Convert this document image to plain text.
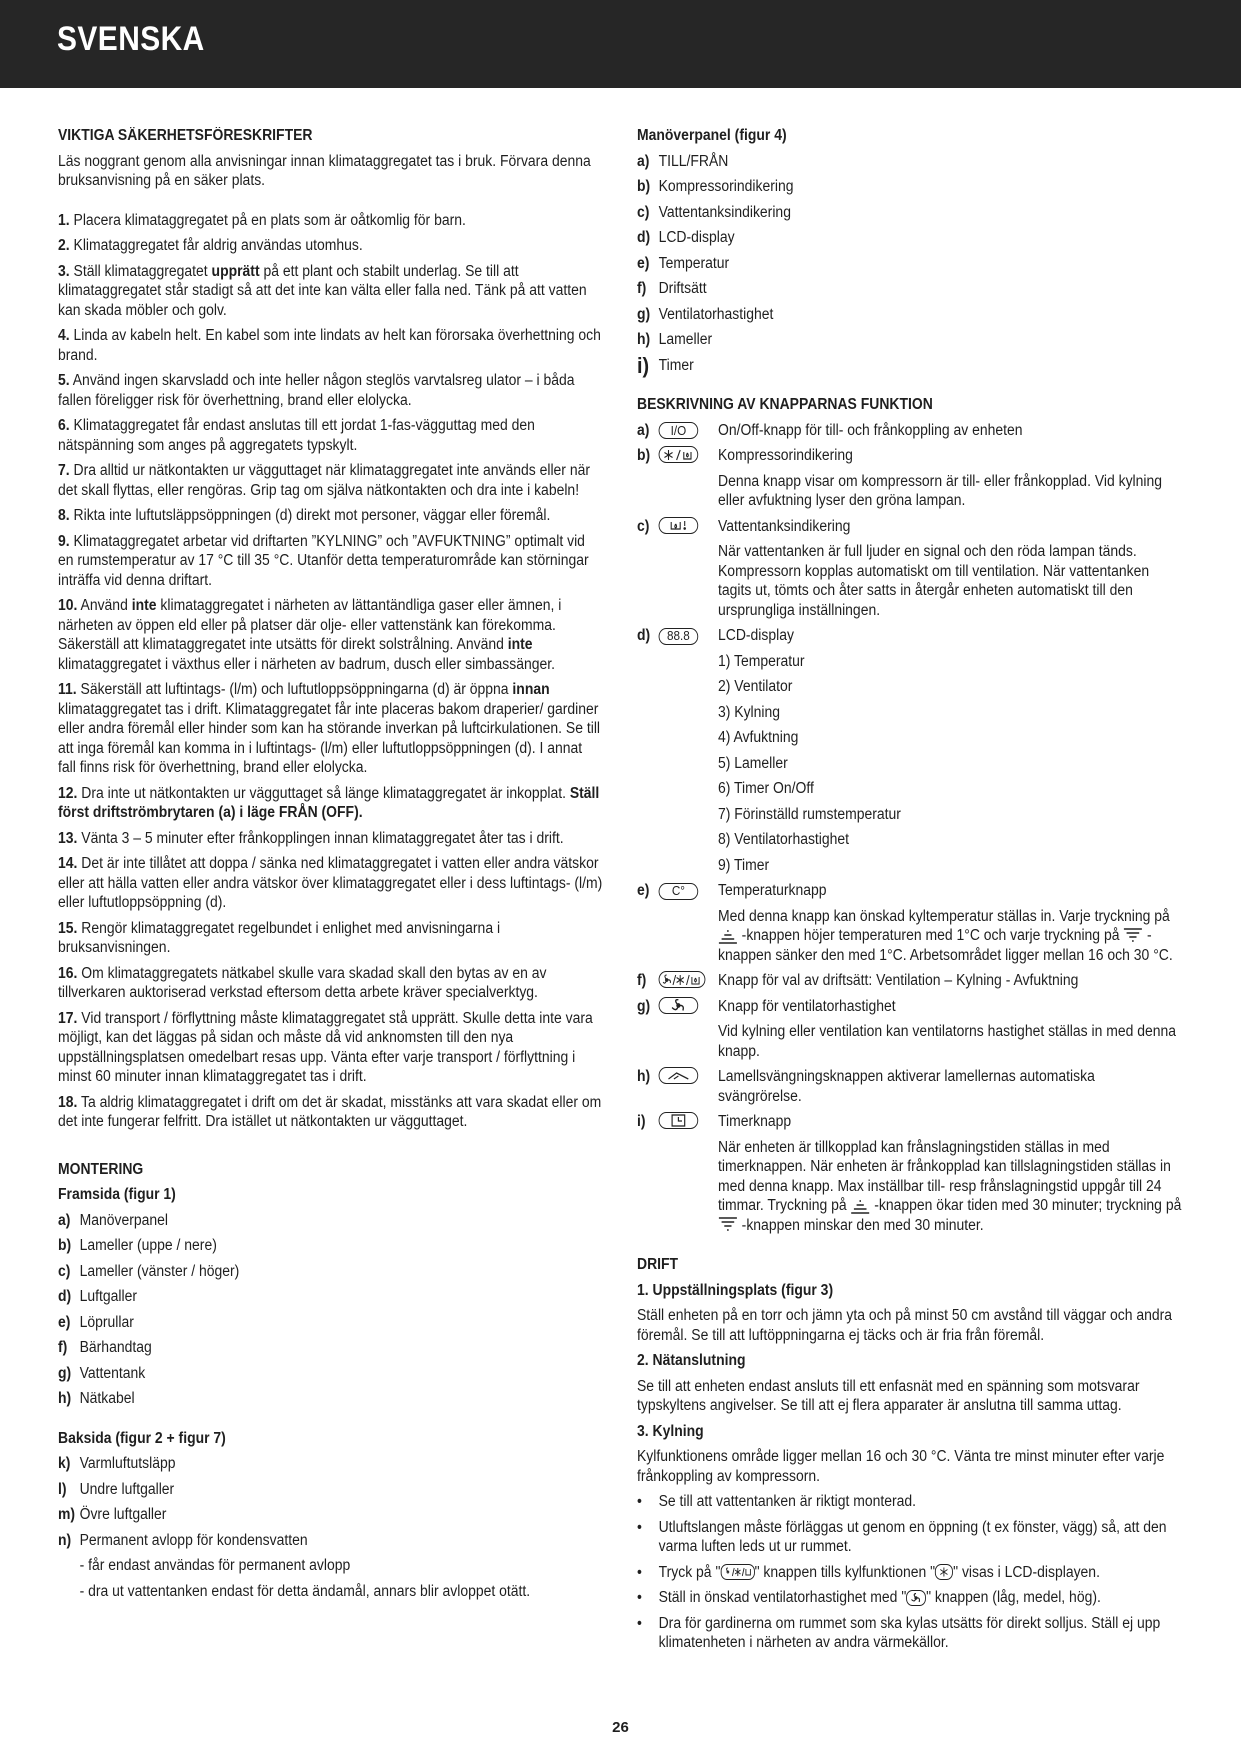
SVENSKA
VIKTIGA SÄKERHETSFÖRESKRIFTER

Läs noggrant genom alla anvisningar innan klimataggregatet tas i bruk. Förvara denna bruksanvisning på en säker plats.

1. Placera klimataggregatet på en plats som är oåtkomlig för barn.
2. Klimataggregatet får aldrig användas utomhus.
3. Ställ klimataggregatet upprätt på ett plant och stabilt underlag. Se till att klimataggregatet står stadigt så att det inte kan välta eller falla ned. Tänk på att vatten kan skada möbler och golv.
4. Linda av kabeln helt. En kabel som inte lindats av helt kan förorsaka överhettning och brand.
5. Använd ingen skarvsladd och inte heller någon steglös varvtalsreg ulator – i båda fallen föreligger risk för överhettning, brand eller elolycka.
6. Klimataggregatet får endast anslutas till ett jordat 1-fas-vägguttag med den nätspänning som anges på aggregatets typskylt.
7. Dra alltid ur nätkontakten ur vägguttaget när klimataggregatet inte används eller när det skall flyttas, eller rengöras. Grip tag om själva nätkontakten och dra inte i kabeln!
8. Rikta inte luftutsläppsöppningen (d) direkt mot personer, väggar eller föremål.
9. Klimataggregatet arbetar vid driftarten ”KYLNING” och ”AVFUKTNING” optimalt vid en rumstemperatur av 17 °C till 35 °C. Utanför detta temperaturområde kan störningar inträffa vid denna driftart.
10. Använd inte klimataggregatet i närheten av lättantändliga gaser eller ämnen, i närheten av öppen eld eller på platser där olje- eller vattenstänk kan förekomma. Säkerställ att klimataggregatet inte utsätts för direkt solstrålning. Använd inte klimataggregatet i växthus eller i närheten av badrum, dusch eller simbassänger.
11. Säkerställ att luftintags- (l/m) och luftutloppsöppningarna (d) är öppna innan klimataggregatet tas i drift. Klimataggregatet får inte placeras bakom draperier/ gardiner eller andra föremål eller hinder som kan ha störande inverkan på luftcirkulationen. Se till att inga föremål kan komma in i luftintags- (l/m) eller luftutloppsöppningen (d). I annat fall finns risk för överhettning, brand eller elolycka.
12. Dra inte ut nätkontakten ur vägguttaget så länge klimataggregatet är inkopplat. Ställ först driftströmbrytaren (a) i läge FRÅN (OFF).
13. Vänta 3 – 5 minuter efter frånkopplingen innan klimataggregatet åter tas i drift.
14. Det är inte tillåtet att doppa / sänka ned klimataggregatet i vatten eller andra vätskor eller att hälla vatten eller andra vätskor över klimataggregatet eller i dess luftintags- (l/m) eller luftutloppsöppning (d).
15. Rengör klimataggregatet regelbundet i enlighet med anvisningarna i bruksanvisningen.
16. Om klimataggregatets nätkabel skulle vara skadad skall den bytas av en av tillverkaren auktoriserad verkstad eftersom detta arbete kräver specialverktyg.
17. Vid transport / förflyttning måste klimataggregatet stå upprätt. Skulle detta inte vara möjligt, kan det läggas på sidan och måste då vid anknomsten till den nya uppställningsplatsen omedelbart resas upp. Vänta efter varje transport / förflyttning i minst 60 minuter innan klimataggregatet tas i drift.
18. Ta aldrig klimataggregatet i drift om det är skadat, misstänks att vara skadat eller om det inte fungerar felfritt. Dra istället ut nätkontakten ur vägguttaget.
MONTERING
Framsida (figur 1)
a) Manöverpanel
b) Lameller (uppe / nere)
c) Lameller (vänster / höger)
d) Luftgaller
e) Löprullar
f) Bärhandtag
g) Vattentank
h) Nätkabel
Baksida (figur 2 + figur 7)
k) Varmluftutsläpp
l) Undre luftgaller
m) Övre luftgaller
n) Permanent avlopp för kondensvatten
- får endast användas för permanent avlopp
- dra ut vattentanken endast för detta ändamål, annars blir avloppet otätt.
Manöverpanel (figur 4)
a) TILL/FRÅN
b) Kompressorindikering
c) Vattentanksindikering
d) LCD-display
e) Temperatur
f) Driftsätt
g) Ventilatorhastighet
h) Lameller
i) Timer
BESKRIVNING AV KNAPPARNAS FUNKTION
a)	I/O	On/Off-knapp för till- och frånkoppling av enheten
b)	Kompressorindikering
Denna knapp visar om kompressorn är till- eller frånkopplad. Vid kylning eller avfuktning lyser den gröna lampan.
c)	Vattentanksindikering
När vattentanken är full ljuder en signal och den röda lampan tänds. Kompressorn kopplas automatiskt om till ventilation. När vattentanken tagits ut, tömts och åter satts in återgår enheten automatiskt till den ursprungliga inställningen.
d)	88.8	LCD-display
1) Temperatur
2) Ventilator
3) Kylning
4) Avfuktning
5) Lameller
6) Timer On/Off
7) Förinställd rumstemperatur
8) Ventilatorhastighet
9) Timer
e)	C°	Temperaturknapp
Med denna knapp kan önskad kyltemperatur ställas in. Varje tryckning på  -knappen höjer temperaturen med 1°C och varje tryckning på -knappen sänker den med 1°C. Arbetsområdet ligger mellan 16 och 30 °C.
f)	Knapp för val av driftsätt: Ventilation – Kylning - Avfuktning
g)	Knapp för ventilatorhastighet
Vid kylning eller ventilation kan ventilatorns hastighet ställas in med denna knapp.
h)	Lamellsvängningsknappen aktiverar lamellernas automatiska svängrörelse.
i)	Timerknapp
När enheten är tillkopplad kan frånslagningstiden ställas in med timerknappen. När enheten är frånkopplad kan tillslagningstiden ställas in med denna knapp. Max inställbar till- resp frånslagningstid uppgår till 24 timmar. Tryckning på -knappen ökar tiden med 30 minuter; tryckning på  -knappen minskar den med 30 minuter.
DRIFT
1. Uppställningsplats (figur 3)

Ställ enheten på en torr och jämn yta och på minst 50 cm avstånd till väggar och andra föremål. Se till att luftöppningarna ej täcks och är fria från föremål.

2. Nätanslutning

Se till att enheten endast ansluts till ett enfasnät med en spänning som motsvarar typskyltens angivelser. Se till att ej flera apparater är anslutna till samma uttag.

3. Kylning

Kylfunktionens område ligger mellan 16 och 30 °C. Vänta tre minst minuter efter varje frånkoppling av kompressorn.

•	Se till att vattentanken är riktigt monterad.
•	Utluftslangen måste förläggas ut genom en öppning (t ex fönster, vägg) så, att den varma luften leds ut ur rummet.
•	Tryck på " " knappen tills kylfunktionen " " visas i LCD-displayen.
•	Ställ in önskad ventilatorhastighet med " " knappen (låg, medel, hög).
•	Dra för gardinerna om rummet som ska kylas utsätts för direkt solljus. Ställ ej upp klimatenheten i närheten av andra värmekällor.
26
